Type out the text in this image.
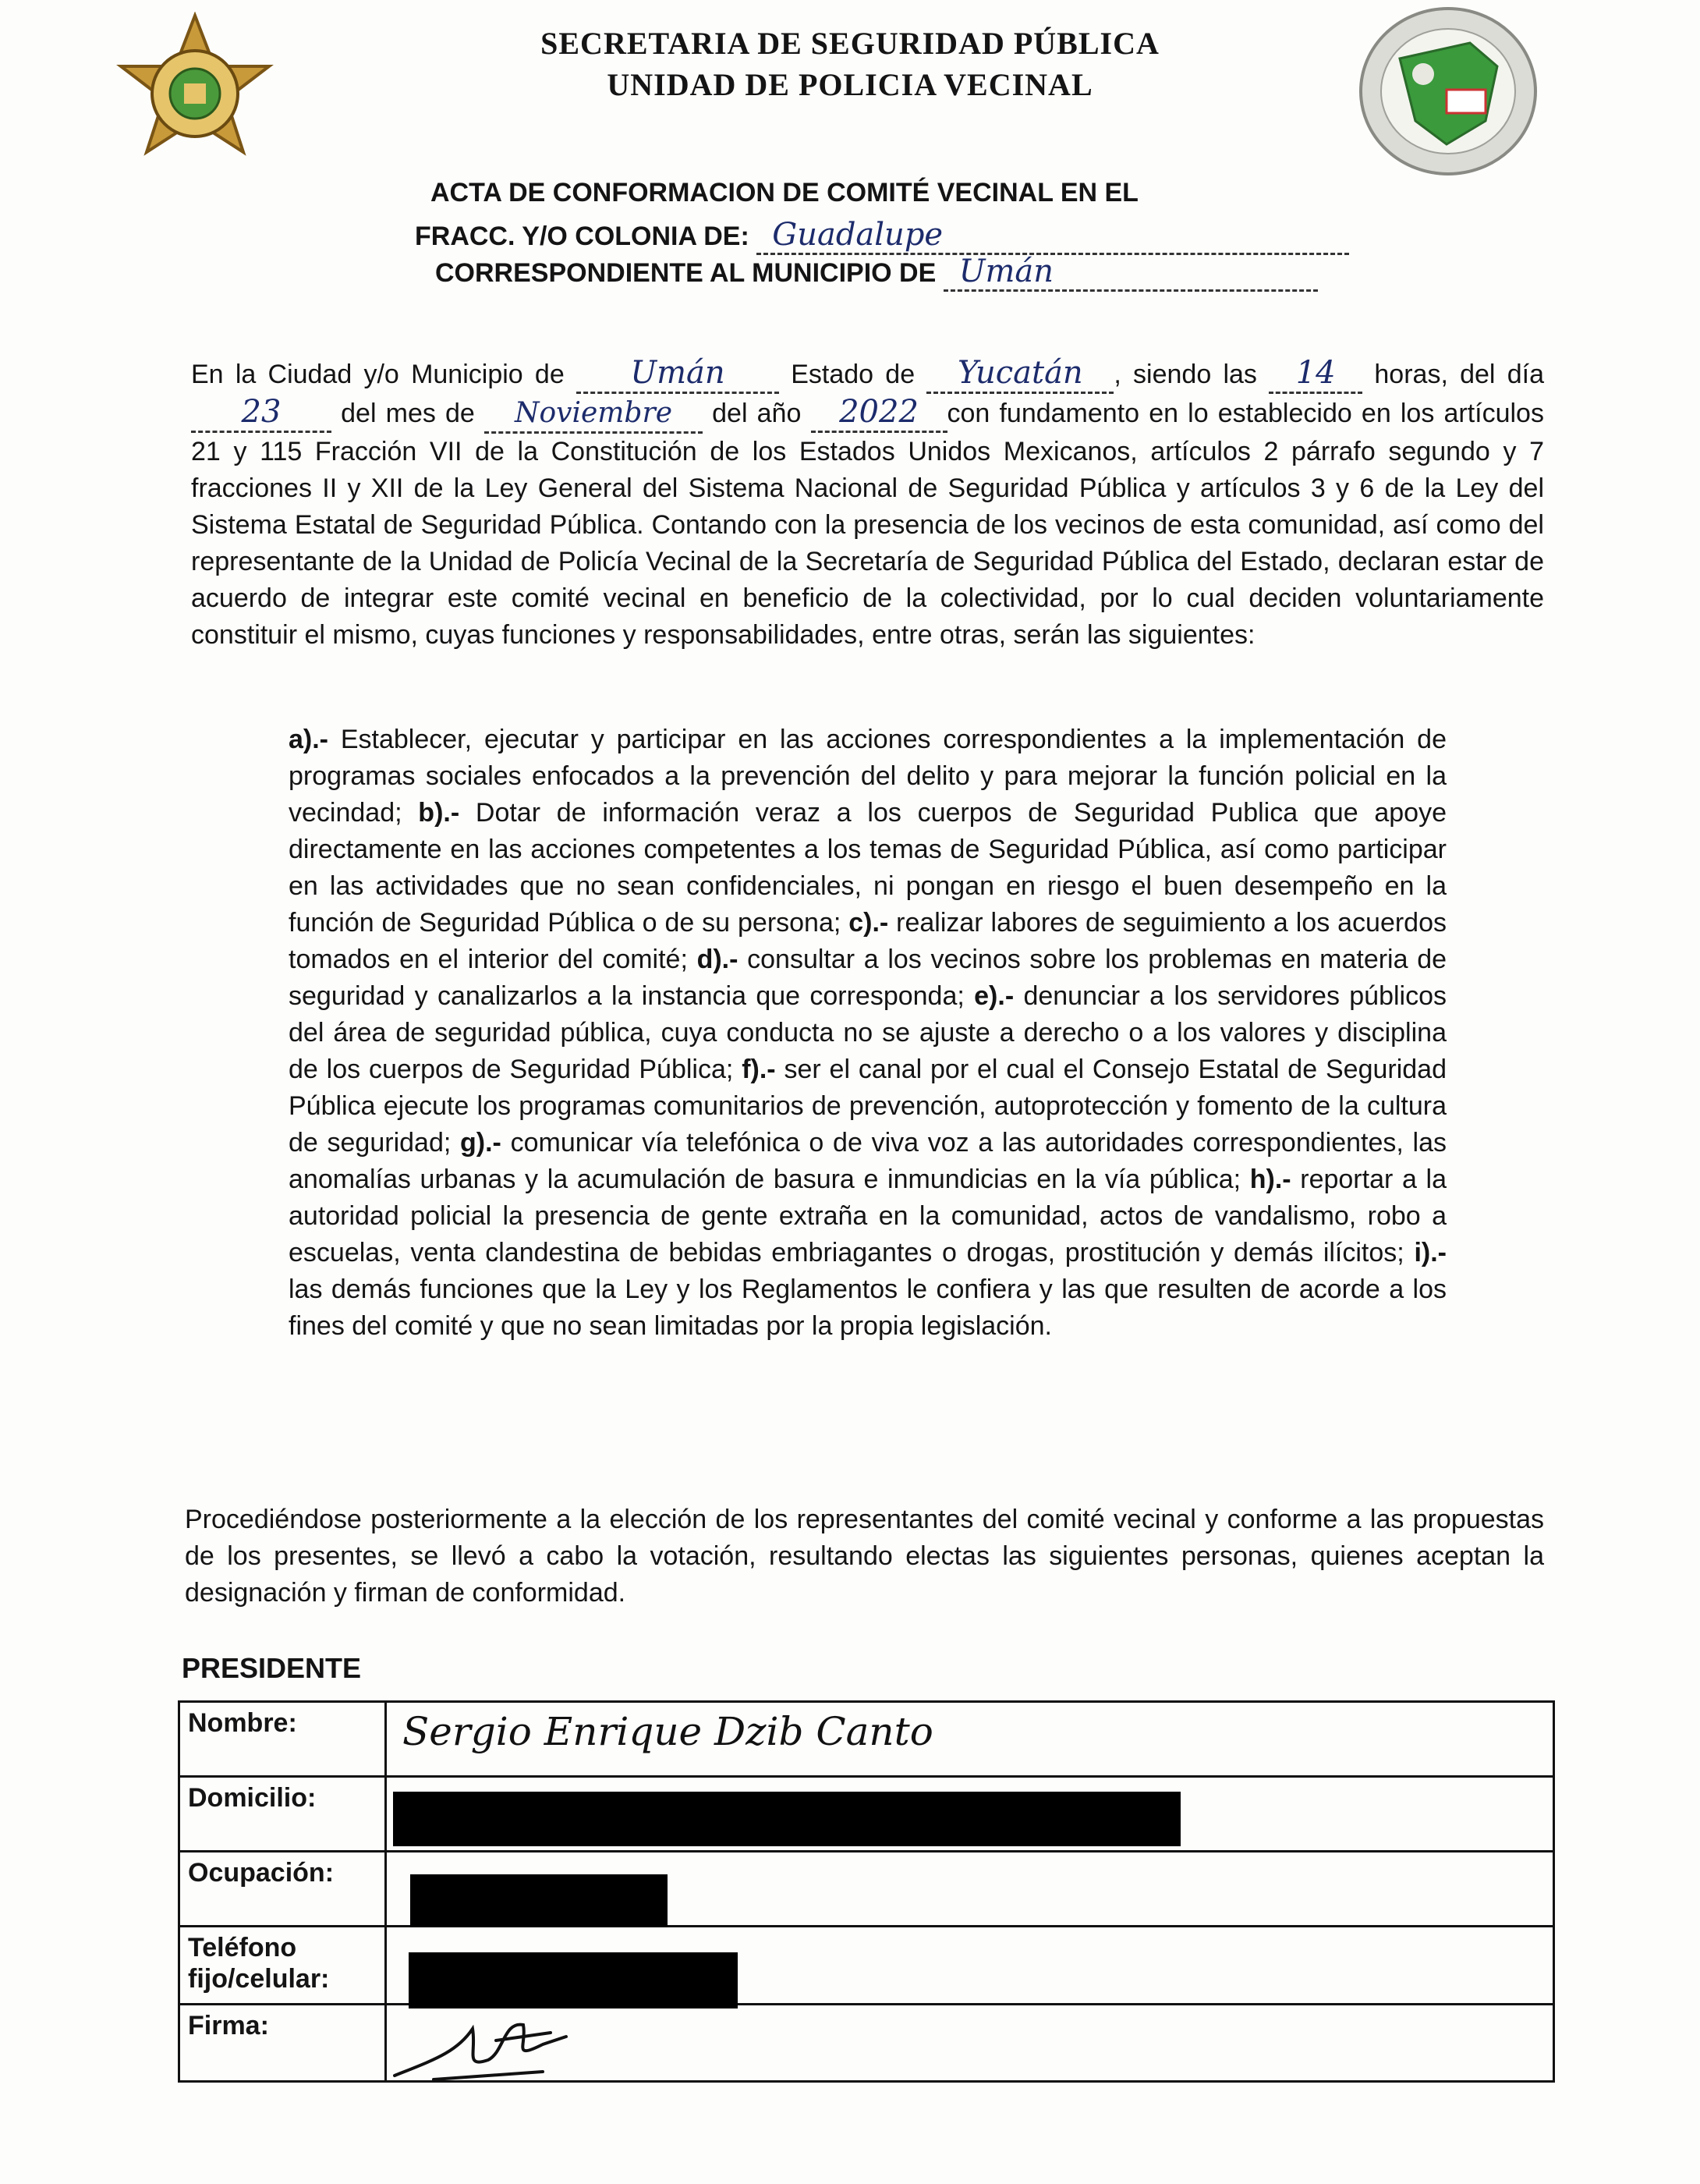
SECRETARIA DE SEGURIDAD PÚBLICA
UNIDAD DE POLICIA VECINAL
ACTA DE CONFORMACION DE COMITÉ VECINAL EN EL
FRACC. Y/O COLONIA DE: Guadalupe
CORRESPONDIENTE AL MUNICIPIO DE Umán
En la Ciudad y/o Municipio de Umán Estado de Yucatán , siendo las 14 horas, del día 23 del mes de Noviembre del año 2022 con fundamento en lo establecido en los artículos 21 y 115 Fracción VII de la Constitución de los Estados Unidos Mexicanos, artículos 2 párrafo segundo y 7 fracciones II y XII de la Ley General del Sistema Nacional de Seguridad Pública y artículos 3 y 6 de la Ley del Sistema Estatal de Seguridad Pública. Contando con la presencia de los vecinos de esta comunidad, así como del representante de la Unidad de Policía Vecinal de la Secretaría de Seguridad Pública del Estado, declaran estar de acuerdo de integrar este comité vecinal en beneficio de la colectividad, por lo cual deciden voluntariamente constituir el mismo, cuyas funciones y responsabilidades, entre otras, serán las siguientes:
a).- Establecer, ejecutar y participar en las acciones correspondientes a la implementación de programas sociales enfocados a la prevención del delito y para mejorar la función policial en la vecindad; b).- Dotar de información veraz a los cuerpos de Seguridad Publica que apoye directamente en las acciones competentes a los temas de Seguridad Pública, así como participar en las actividades que no sean confidenciales, ni pongan en riesgo el buen desempeño en la función de Seguridad Pública o de su persona; c).- realizar labores de seguimiento a los acuerdos tomados en el interior del comité; d).- consultar a los vecinos sobre los problemas en materia de seguridad y canalizarlos a la instancia que corresponda; e).- denunciar a los servidores públicos del área de seguridad pública, cuya conducta no se ajuste a derecho o a los valores y disciplina de los cuerpos de Seguridad Pública; f).- ser el canal por el cual el Consejo Estatal de Seguridad Pública ejecute los programas comunitarios de prevención, autoprotección y fomento de la cultura de seguridad; g).- comunicar vía telefónica o de viva voz a las autoridades correspondientes, las anomalías urbanas y la acumulación de basura e inmundicias en la vía pública; h).- reportar a la autoridad policial la presencia de gente extraña en la comunidad, actos de vandalismo, robo a escuelas, venta clandestina de bebidas embriagantes o drogas, prostitución y demás ilícitos; i).- las demás funciones que la Ley y los Reglamentos le confiera y las que resulten de acorde a los fines del comité y que no sean limitadas por la propia legislación.
Procediéndose posteriormente a la elección de los representantes del comité vecinal y conforme a las propuestas de los presentes, se llevó a cabo la votación, resultando electas las siguientes personas, quienes aceptan la designación y firman de conformidad.
PRESIDENTE
Nombre:	Sergio Enrique Dzib Canto
Domicilio:	

Ocupación:	

Teléfono fijo/celular:	

Firma:	
